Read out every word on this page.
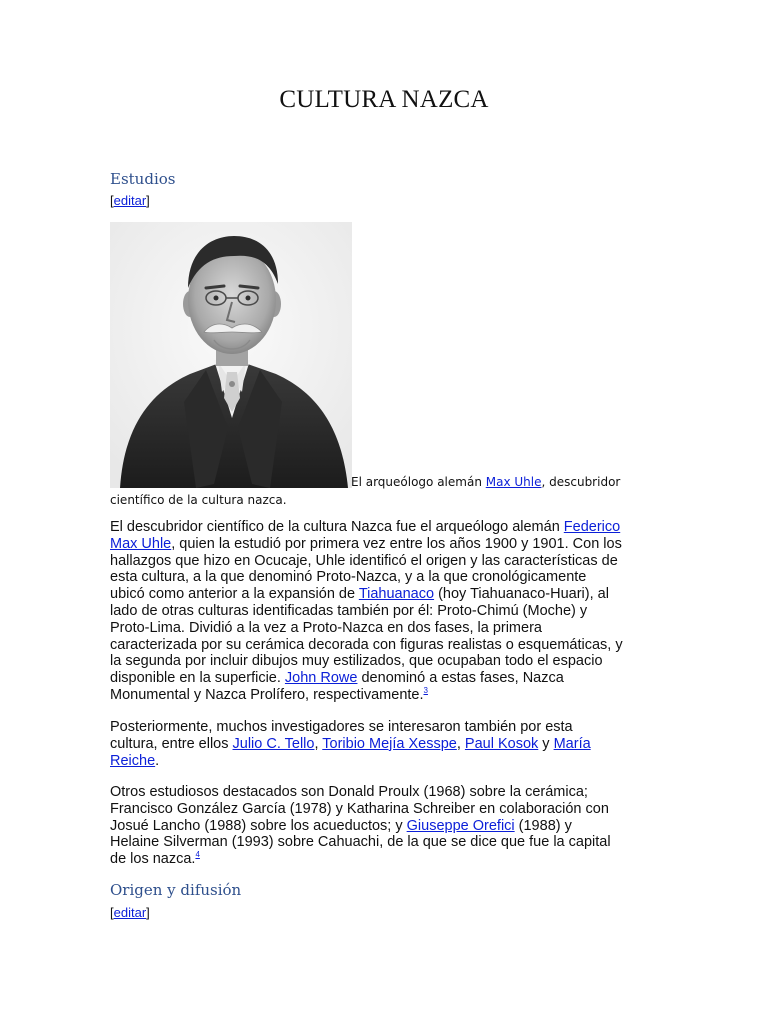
CULTURA NAZCA
Estudios
[editar]
El arqueólogo alemán Max Uhle, descubridor
científico de la cultura nazca.
El descubridor científico de la cultura Nazca fue el arqueólogo alemán Federico
Max Uhle, quien la estudió por primera vez entre los años 1900 y 1901. Con los
hallazgos que hizo en Ocucaje, Uhle identificó el origen y las características de
esta cultura, a la que denominó Proto-Nazca, y a la que cronológicamente
ubicó como anterior a la expansión de Tiahuanaco (hoy Tiahuanaco-Huari), al
lado de otras culturas identificadas también por él: Proto-Chimú (Moche) y
Proto-Lima. Dividió a la vez a Proto-Nazca en dos fases, la primera
caracterizada por su cerámica decorada con figuras realistas o esquemáticas, y
la segunda por incluir dibujos muy estilizados, que ocupaban todo el espacio
disponible en la superficie. John Rowe denominó a estas fases, Nazca
Monumental y Nazca Prolífero, respectivamente.$^3$
Posteriormente, muchos investigadores se interesaron también por esta
cultura, entre ellos Julio C. Tello, Toribio Mejía Xesspe, Paul Kosok y María
Reiche.
Otros estudiosos destacados son Donald Proulx (1968) sobre la cerámica;
Francisco González García (1978) y Katharina Schreiber en colaboración con
Josué Lancho (1988) sobre los acueductos; y Giuseppe Orefici (1988) y
Helaine Silverman (1993) sobre Cahuachi, de la que se dice que fue la capital
de los nazca.$^4$
Origen y difusión
[editar]
